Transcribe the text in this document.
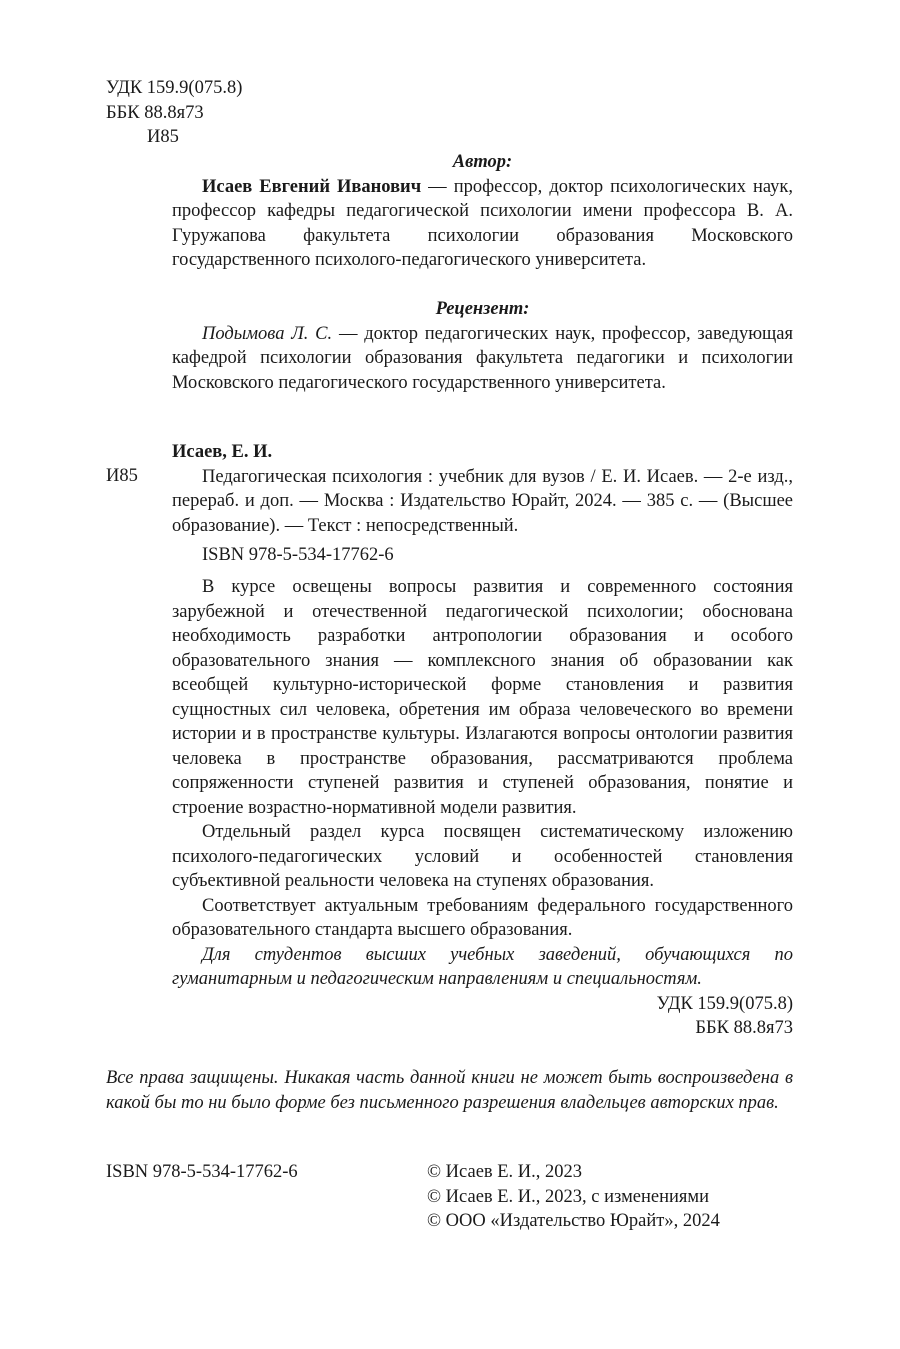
УДК 159.9(075.8)
ББК 88.8я73
И85

Автор:

Исаев Евгений Иванович — профессор, доктор психологических наук, профессор кафедры педагогической психологии имени профессора В. А. Гуружапова факультета психологии образования Московского государственного психолого-педагогического университета.

Рецензент:

Подымова Л. С. — доктор педагогических наук, профессор, заведующая кафедрой психологии образования факультета педагогики и психологии Московского педагогического государственного университета.

Исаев, Е. И.

Педагогическая психология : учебник для вузов / Е. И. Исаев. — 2-е изд., перераб. и доп. — Москва : Издательство Юрайт, 2024. — 385 с. — (Высшее образование). — Текст : непосредственный.

ISBN 978-5-534-17762-6

И85

В курсе освещены вопросы развития и современного состояния зарубежной и отечественной педагогической психологии; обоснована необходимость разработки антропологии образования и особого образовательного знания — комплексного знания об образовании как всеобщей культурно-исторической форме становления и развития сущностных сил человека, обретения им образа человеческого во времени истории и в пространстве культуры. Излагаются вопросы онтологии развития человека в пространстве образования, рассматриваются проблема сопряженности ступеней развития и ступеней образования, понятие и строение возрастно-нормативной модели развития.

Отдельный раздел курса посвящен систематическому изложению психолого-педагогических условий и особенностей становления субъективной реальности человека на ступенях образования.

Соответствует актуальным требованиям федерального государственного образовательного стандарта высшего образования.

Для студентов высших учебных заведений, обучающихся по гуманитарным и педагогическим направлениям и специальностям.

УДК 159.9(075.8)

ББК 88.8я73

Все права защищены. Никакая часть данной книги не может быть воспроизведена в какой бы то ни было форме без письменного разрешения владельцев авторских прав.
ISBN 978-5-534-17762-6	© Исаев Е. И., 2023
© Исаев Е. И., 2023, с изменениями
© ООО «Издательство Юрайт», 2024
